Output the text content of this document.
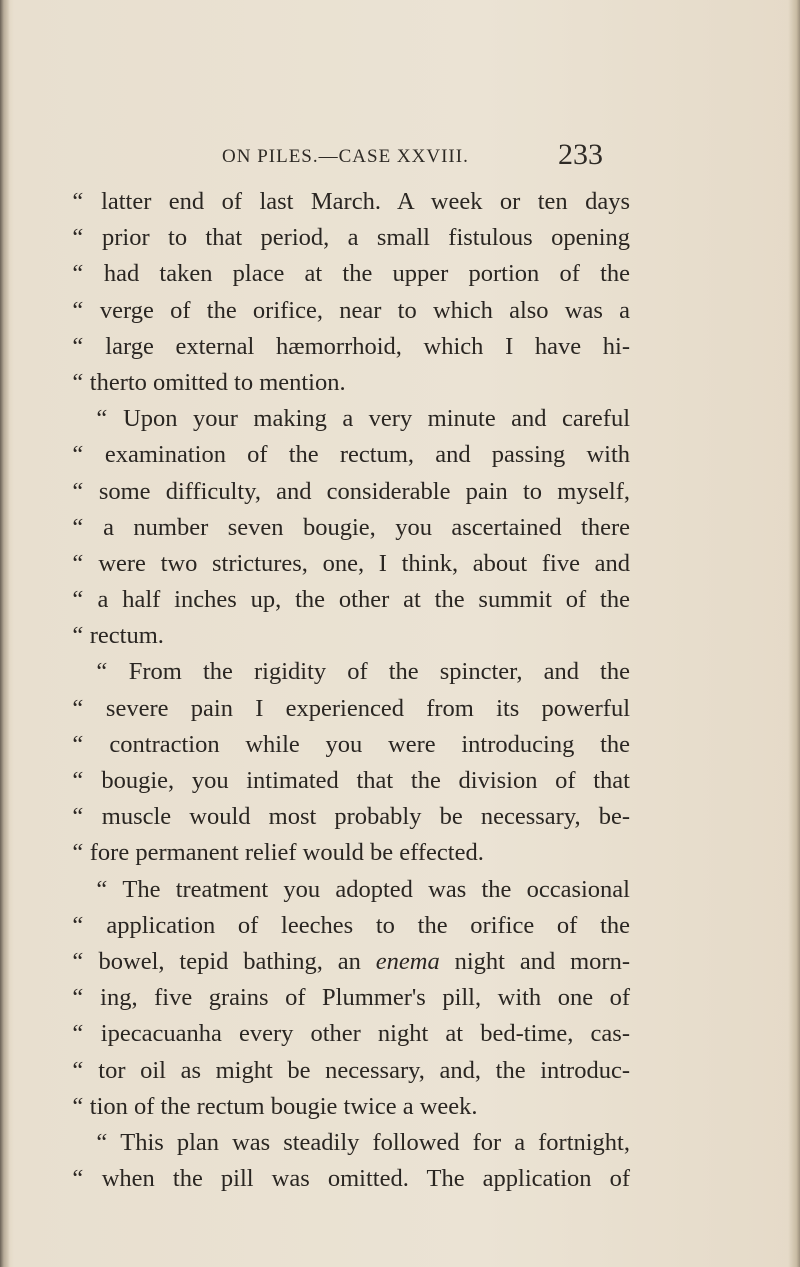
ON PILES.—CASE XXVIII.	233
“ latter end of last March. A week or ten days
“ prior to that period, a small fistulous opening
“ had taken place at the upper portion of the
“ verge of the orifice, near to which also was a
“ large external hæmorrhoid, which I have hi-
“ therto omitted to mention.
“ Upon your making a very minute and careful
“ examination of the rectum, and passing with
“ some difficulty, and considerable pain to myself,
“ a number seven bougie, you ascertained there
“ were two strictures, one, I think, about five and
“ a half inches up, the other at the summit of the
“ rectum.
“ From the rigidity of the spincter, and the
“ severe pain I experienced from its powerful
“ contraction while you were introducing the
“ bougie, you intimated that the division of that
“ muscle would most probably be necessary, be-
“ fore permanent relief would be effected.
“ The treatment you adopted was the occasional
“ application of leeches to the orifice of the
“ bowel, tepid bathing, an enema night and morn-
“ ing, five grains of Plummer's pill, with one of
“ ipecacuanha every other night at bed-time, cas-
“ tor oil as might be necessary, and, the introduc-
“ tion of the rectum bougie twice a week.
“ This plan was steadily followed for a fortnight,
“ when the pill was omitted. The application of
